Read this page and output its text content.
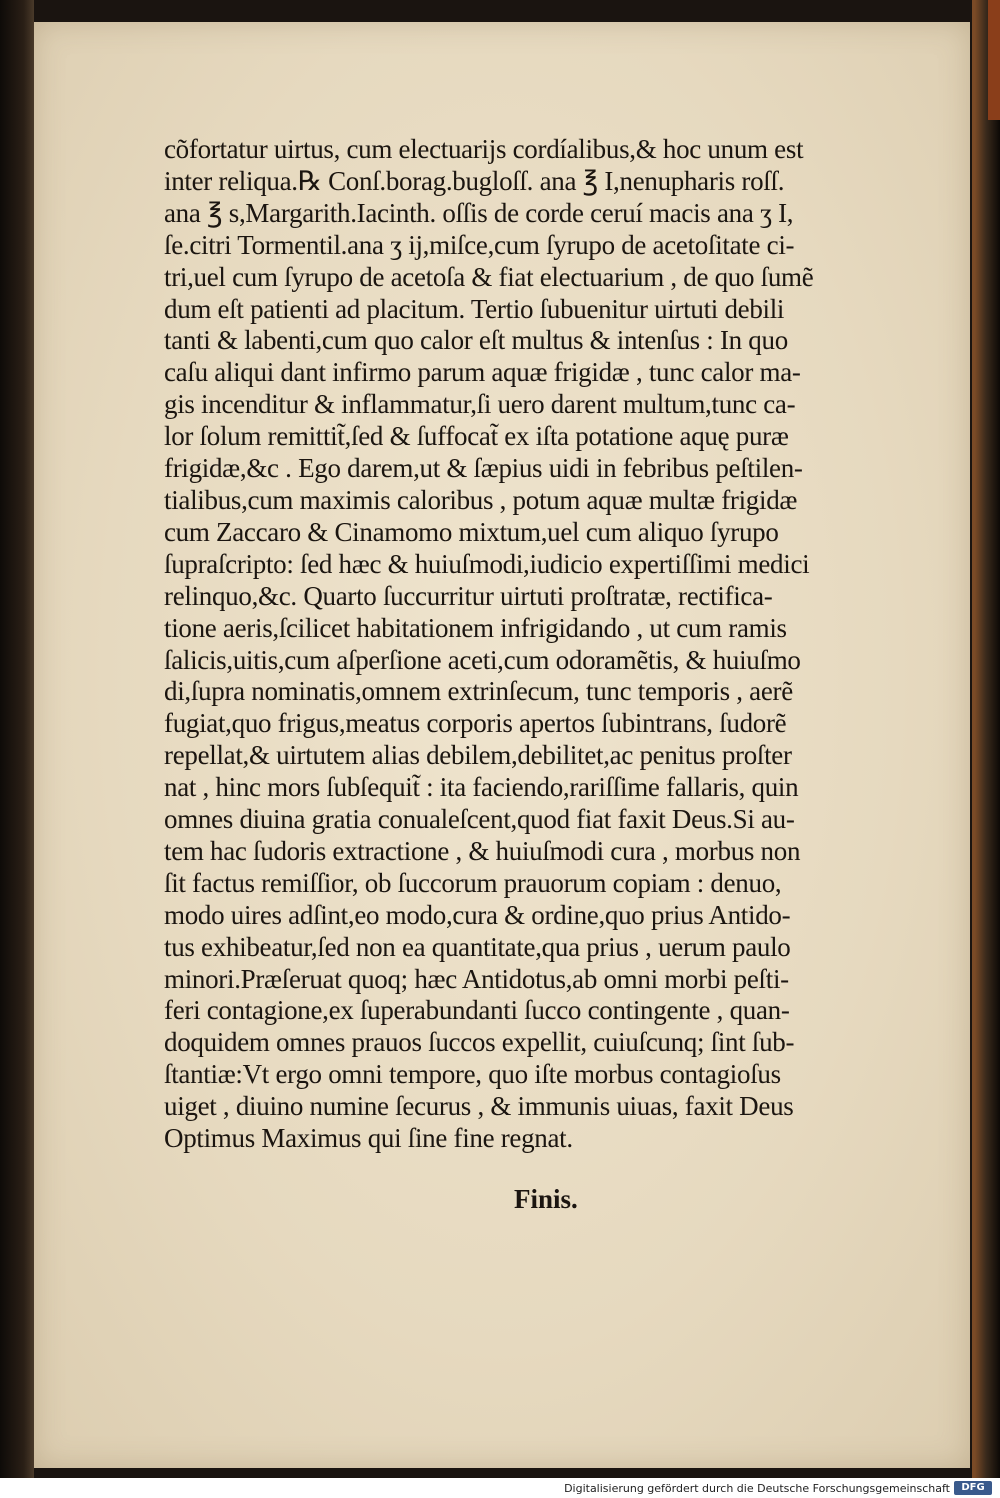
cõfortatur uirtus, cum electuarijs cordíalibus,& hoc unum est
inter reliqua.℞ Conſ.borag.bugloſſ. ana ℥ I,nenupharis roſſ.
ana ℥ s,Margarith.Iacinth. oſſis de corde ceruí macis ana ʒ I,
ſe.citri Tormentil.ana ʒ ij,miſce,cum ſyrupo de acetoſitate ci-
tri,uel cum ſyrupo de acetoſa & fiat electuarium , de quo ſumẽ
dum eſt patienti ad placitum. Tertio ſubuenitur uirtuti debili
tanti & labenti,cum quo calor eſt multus & intenſus : In quo
caſu aliqui dant infirmo parum aquæ frigidæ , tunc calor ma-
gis incenditur & inflammatur,ſi uero darent multum,tunc ca-
lor ſolum remittit̃,ſed & ſuffocat̃ ex iſta potatione aquę puræ
frigidæ,&c . Ego darem,ut & ſæpius uidi in febribus peſtilen-
tialibus,cum maximis caloribus , potum aquæ multæ frigidæ
cum Zaccaro & Cinamomo mixtum,uel cum aliquo ſyrupo
ſupraſcripto: ſed hæc & huiuſmodi,iudicio expertiſſimi medici
relinquo,&c. Quarto ſuccurritur uirtuti proſtratæ, rectifica-
tione aeris,ſcilicet habitationem infrigidando , ut cum ramis
ſalicis,uitis,cum aſperſione aceti,cum odoramẽtis, & huiuſmo
di,ſupra nominatis,omnem extrinſecum, tunc temporis , aerẽ
fugiat,quo frigus,meatus corporis apertos ſubintrans, ſudorẽ
repellat,& uirtutem alias debilem,debilitet,ac penitus proſter
nat , hinc mors ſubſequit̃ : ita faciendo,rariſſime fallaris, quin
omnes diuina gratia conualeſcent,quod fiat faxit Deus.Si au-
tem hac ſudoris extractione , & huiuſmodi cura , morbus non
ſit factus remiſſior, ob ſuccorum prauorum copiam : denuo,
modo uires adſint,eo modo,cura & ordine,quo prius Antido-
tus exhibeatur,ſed non ea quantitate,qua prius , uerum paulo
minori.Præſeruat quoq; hæc Antidotus,ab omni morbi peſti-
feri contagione,ex ſuperabundanti ſucco contingente , quan-
doquidem omnes prauos ſuccos expellit, cuiuſcunq; ſint ſub-
ſtantiæ:Vt ergo omni tempore, quo iſte morbus contagioſus
uiget , diuino numine ſecurus , & immunis uiuas, faxit Deus
Optimus Maximus qui ſine fine regnat.
Finis.
Digitalisierung gefördert durch die Deutsche Forschungsgemeinschaft	DFG
